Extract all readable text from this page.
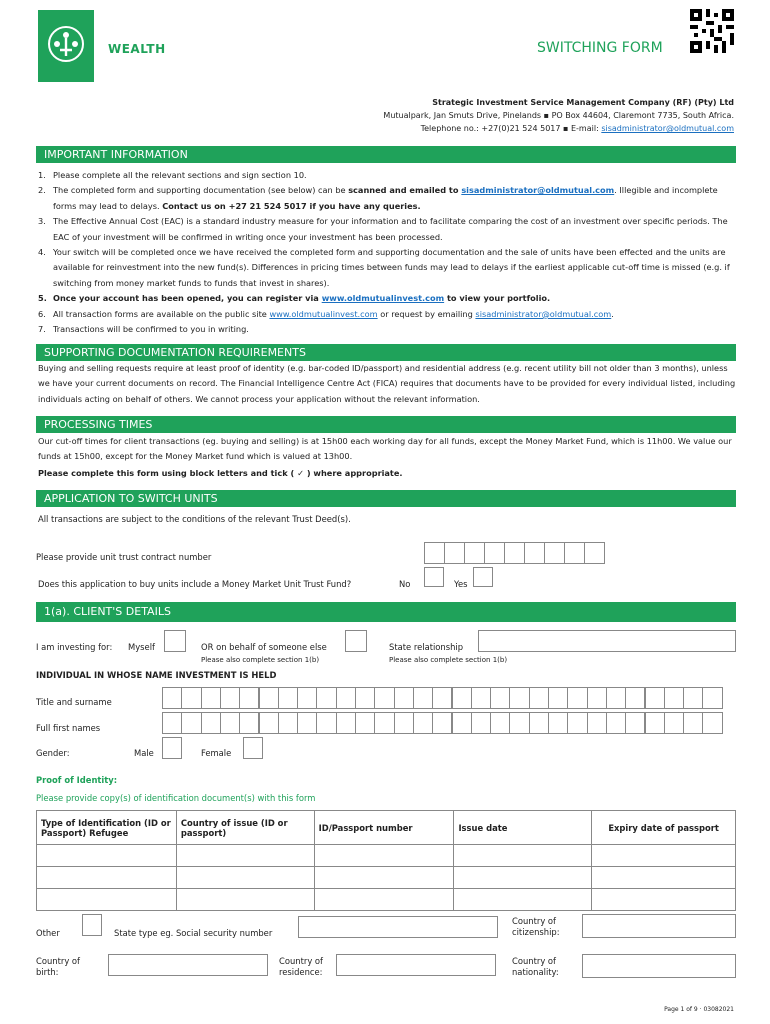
WEALTH	SWITCHING FORM
Strategic Investment Service Management Company (RF) (Pty) Ltd
Mutualpark, Jan Smuts Drive, Pinelands ▪ PO Box 44604, Claremont 7735, South Africa.
Telephone no.: +27(0)21 524 5017 ▪ E-mail: sisadministrator@oldmutual.com
IMPORTANT INFORMATION
1. Please complete all the relevant sections and sign section 10.
2. The completed form and supporting documentation (see below) can be scanned and emailed to sisadministrator@oldmutual.com. Illegible and incomplete forms may lead to delays. Contact us on +27 21 524 5017 if you have any queries.
3. The Effective Annual Cost (EAC) is a standard industry measure for your information and to facilitate comparing the cost of an investment over specific periods. The EAC of your investment will be confirmed in writing once your investment has been processed.
4. Your switch will be completed once we have received the completed form and supporting documentation and the sale of units have been effected and the units are available for reinvestment into the new fund(s). Differences in pricing times between funds may lead to delays if the earliest applicable cut-off time is missed (e.g. if switching from money market funds to funds that invest in shares).
5. Once your account has been opened, you can register via www.oldmutualinvest.com to view your portfolio.
6. All transaction forms are available on the public site www.oldmutualinvest.com or request by emailing sisadministrator@oldmutual.com.
7. Transactions will be confirmed to you in writing.
SUPPORTING DOCUMENTATION REQUIREMENTS
Buying and selling requests require at least proof of identity (e.g. bar-coded ID/passport) and residential address (e.g. recent utility bill not older than 3 months), unless we have your current documents on record. The Financial Intelligence Centre Act (FICA) requires that documents have to be provided for every individual listed, including individuals acting on behalf of others. We cannot process your application without the relevant information.
PROCESSING TIMES
Our cut-off times for client transactions (eg. buying and selling) is at 15h00 each working day for all funds, except the Money Market Fund, which is 11h00. We value our funds at 15h00, except for the Money Market fund which is valued at 13h00.
Please complete this form using block letters and tick ( ✓ ) where appropriate.
APPLICATION TO SWITCH UNITS
All transactions are subject to the conditions of the relevant Trust Deed(s).
Please provide unit trust contract number
Does this application to buy units include a Money Market Unit Trust Fund?	No	Yes
1(a). CLIENT'S DETAILS
I am investing for: Myself	OR on behalf of someone else
Please also complete section 1(b)
State relationship
Please also complete section 1(b)
INDIVIDUAL IN WHOSE NAME INVESTMENT IS HELD
Title and surname
Full first names
Gender:	Male	Female
Proof of Identity:
Please provide copy(s) of identification document(s) with this form
Type of Identification (ID or Passport) Refugee	Country of issue (ID or passport)	ID/Passport number	Issue date	Expiry date of passport

Other	State type eg. Social security number
Country of citizenship:
Country of birth:
Country of residence:
Country of nationality:
Page 1 of 9 · 03082021
